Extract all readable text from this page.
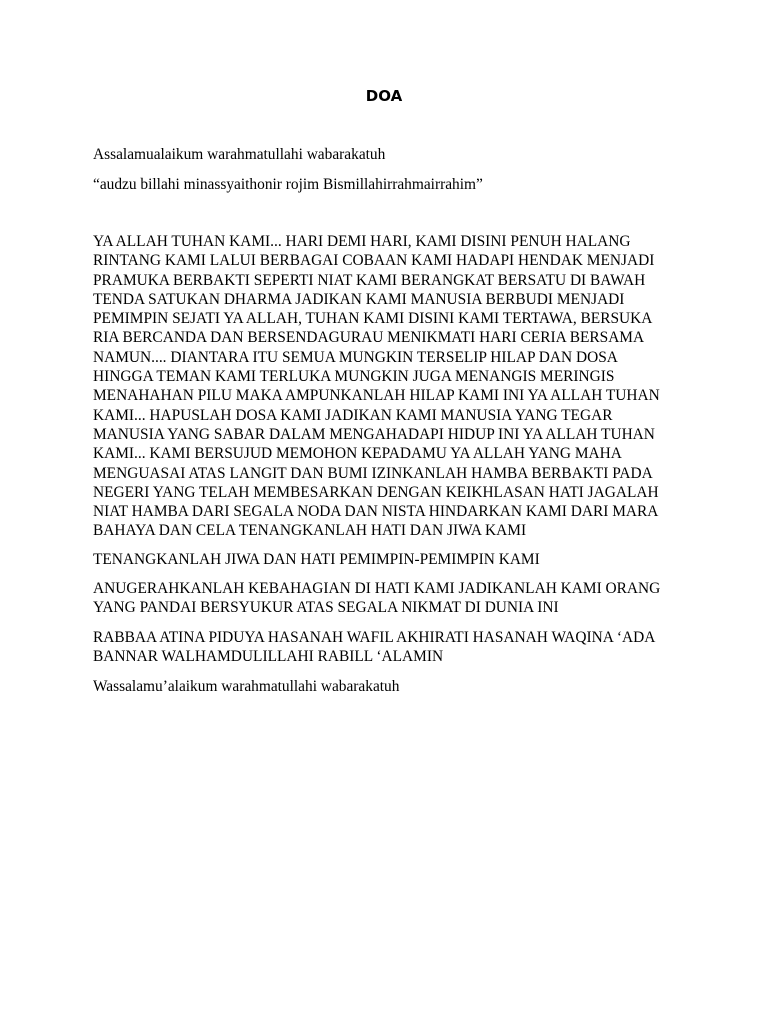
DOA

Assalamualaikum warahmatullahi wabarakatuh

“audzu billahi minassyaithonir rojim Bismillahirrahmairrahim”

YA ALLAH TUHAN KAMI... HARI DEMI HARI, KAMI DISINI PENUH HALANG RINTANG KAMI LALUI BERBAGAI COBAAN KAMI HADAPI HENDAK MENJADI PRAMUKA BERBAKTI SEPERTI NIAT KAMI BERANGKAT BERSATU DI BAWAH TENDA SATUKAN DHARMA JADIKAN KAMI MANUSIA BERBUDI MENJADI PEMIMPIN SEJATI YA ALLAH, TUHAN KAMI DISINI KAMI TERTAWA, BERSUKA RIA BERCANDA DAN BERSENDAGURAU MENIKMATI HARI CERIA BERSAMA NAMUN.... DIANTARA ITU SEMUA MUNGKIN TERSELIP HILAP DAN DOSA HINGGA TEMAN KAMI TERLUKA MUNGKIN JUGA MENANGIS MERINGIS MENAHAHAN PILU MAKA AMPUNKANLAH HILAP KAMI INI YA ALLAH TUHAN KAMI... HAPUSLAH DOSA KAMI JADIKAN KAMI MANUSIA YANG TEGAR MANUSIA YANG SABAR DALAM MENGAHADAPI HIDUP INI YA ALLAH TUHAN KAMI... KAMI BERSUJUD MEMOHON KEPADAMU YA ALLAH YANG MAHA MENGUASAI ATAS LANGIT DAN BUMI IZINKANLAH HAMBA BERBAKTI PADA NEGERI YANG TELAH MEMBESARKAN DENGAN KEIKHLASAN HATI JAGALAH NIAT HAMBA DARI SEGALA NODA DAN NISTA HINDARKAN KAMI DARI MARA BAHAYA DAN CELA TENANGKANLAH HATI DAN JIWA KAMI

TENANGKANLAH JIWA DAN HATI PEMIMPIN-PEMIMPIN KAMI

ANUGERAHKANLAH KEBAHAGIAN DI HATI KAMI JADIKANLAH KAMI ORANG YANG PANDAI BERSYUKUR ATAS SEGALA NIKMAT DI DUNIA INI

RABBAA ATINA PIDUYA HASANAH WAFIL AKHIRATI HASANAH WAQINA ‘ADA BANNAR WALHAMDULILLAHI RABILL ‘ALAMIN

Wassalamu’alaikum warahmatullahi wabarakatuh
